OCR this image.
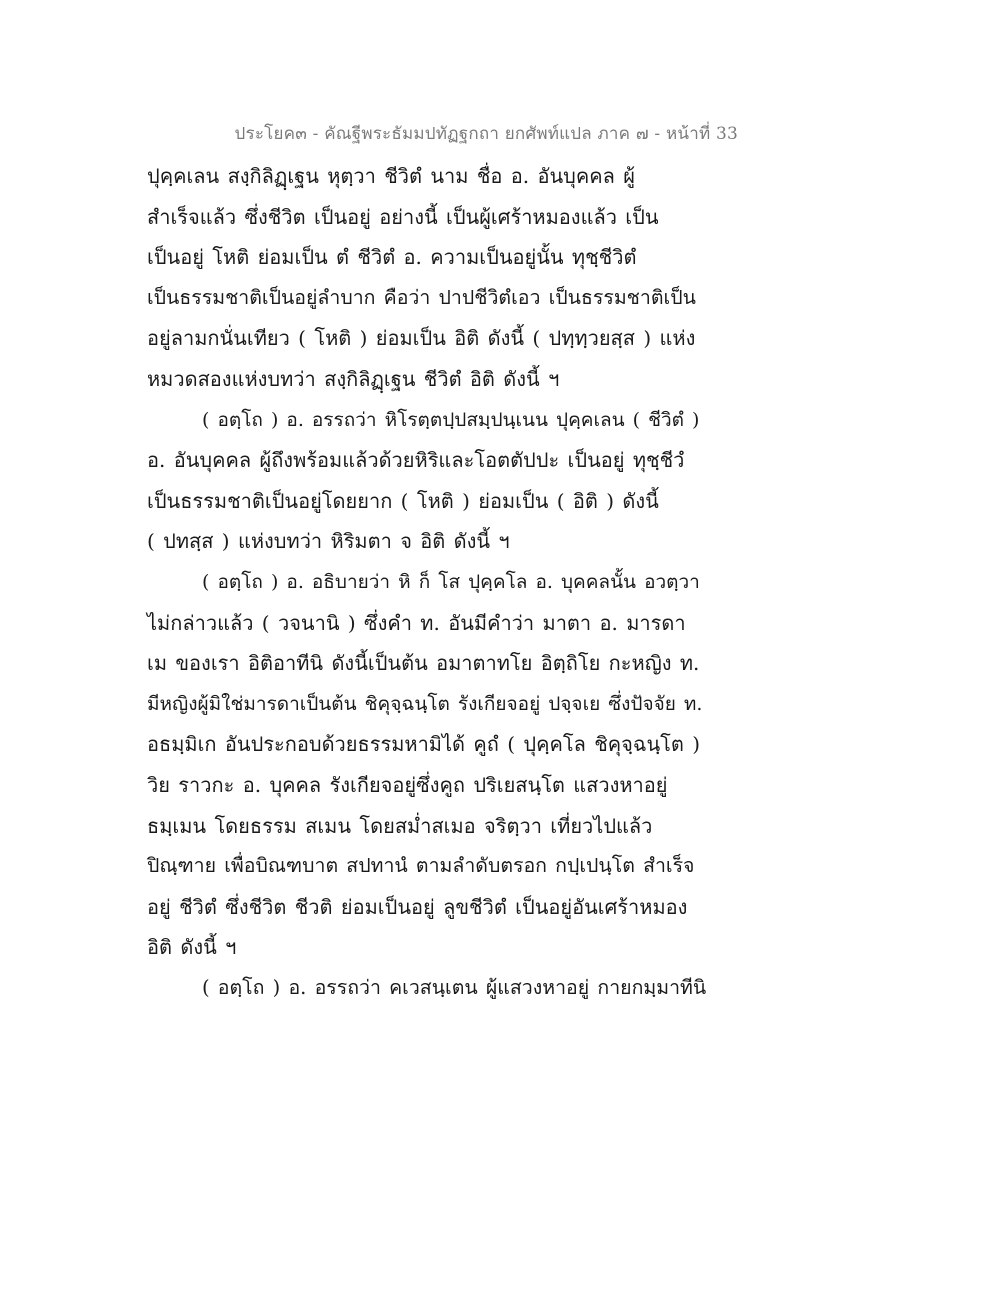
ประโยค๓ - คัณฐีพระธัมมปทัฏฐกถา ยกศัพท์แปล ภาค ๗ - หน้าที่ 33
ปุคฺคเลน สงฺกิลิฏฺเฐน หุตฺวา ชีวิตํ นาม ชื่อ อ. อันบุคคล ผู้
สำเร็จแล้ว ซึ่งชีวิต เป็นอยู่ อย่างนี้ เป็นผู้เศร้าหมองแล้ว เป็น
เป็นอยู่ โหติ ย่อมเป็น ตํ ชีวิตํ อ. ความเป็นอยู่นั้น ทุชฺชีวิตํ
เป็นธรรมชาติเป็นอยู่ลำบาก คือว่า ปาปชีวิตํเอว เป็นธรรมชาติเป็น
อยู่ลามกนั่นเทียว ( โหติ ) ย่อมเป็น อิติ ดังนี้ ( ปทฺทฺวยสฺส ) แห่ง
หมวดสองแห่งบทว่า สงฺกิลิฏฺเฐน ชีวิตํ อิติ ดังนี้ ฯ
( อตฺโถ ) อ. อรรถว่า หิโรตฺตปฺปสมฺปนฺเนน ปุคฺคเลน ( ชีวิตํ )
อ. อันบุคคล ผู้ถึงพร้อมแล้วด้วยหิริและโอตตัปปะ เป็นอยู่ ทุชฺชีวํ
เป็นธรรมชาติเป็นอยู่โดยยาก ( โหติ ) ย่อมเป็น ( อิติ ) ดังนี้
( ปทสฺส ) แห่งบทว่า หิริมตา จ อิติ ดังนี้ ฯ
( อตฺโถ ) อ. อธิบายว่า หิ ก็ โส ปุคฺคโล อ. บุคคลนั้น อวตฺวา
ไม่กล่าวแล้ว ( วจนานิ ) ซึ่งคำ ท. อันมีคำว่า มาตา อ. มารดา
เม ของเรา อิติอาทีนิ ดังนี้เป็นต้น อมาตาทโย อิตฺถิโย กะหญิง ท.
มีหญิงผู้มิใช่มารดาเป็นต้น ชิคุจฺฉนฺโต รังเกียจอยู่ ปจฺจเย ซึ่งปัจจัย ท.
อธมฺมิเก อันประกอบด้วยธรรมหามิได้ คูถํ ( ปุคฺคโล ชิคุจฺฉนฺโต )
วิย ราวกะ อ. บุคคล รังเกียจอยู่ซึ่งคูถ ปริเยสนฺโต แสวงหาอยู่
ธมฺเมน โดยธรรม สเมน โดยสม่ำสเมอ จริตฺวา เที่ยวไปแล้ว
ปิณฺฑาย เพื่อบิณฑบาต สปทานํ ตามลำดับตรอก กปฺเปนฺโต สำเร็จ
อยู่ ชีวิตํ ซึ่งชีวิต ชีวติ ย่อมเป็นอยู่ ลูขชีวิตํ เป็นอยู่อันเศร้าหมอง
อิติ ดังนี้ ฯ
( อตฺโถ ) อ. อรรถว่า คเวสนฺเตน ผู้แสวงหาอยู่ กายกมฺมาทีนิ
